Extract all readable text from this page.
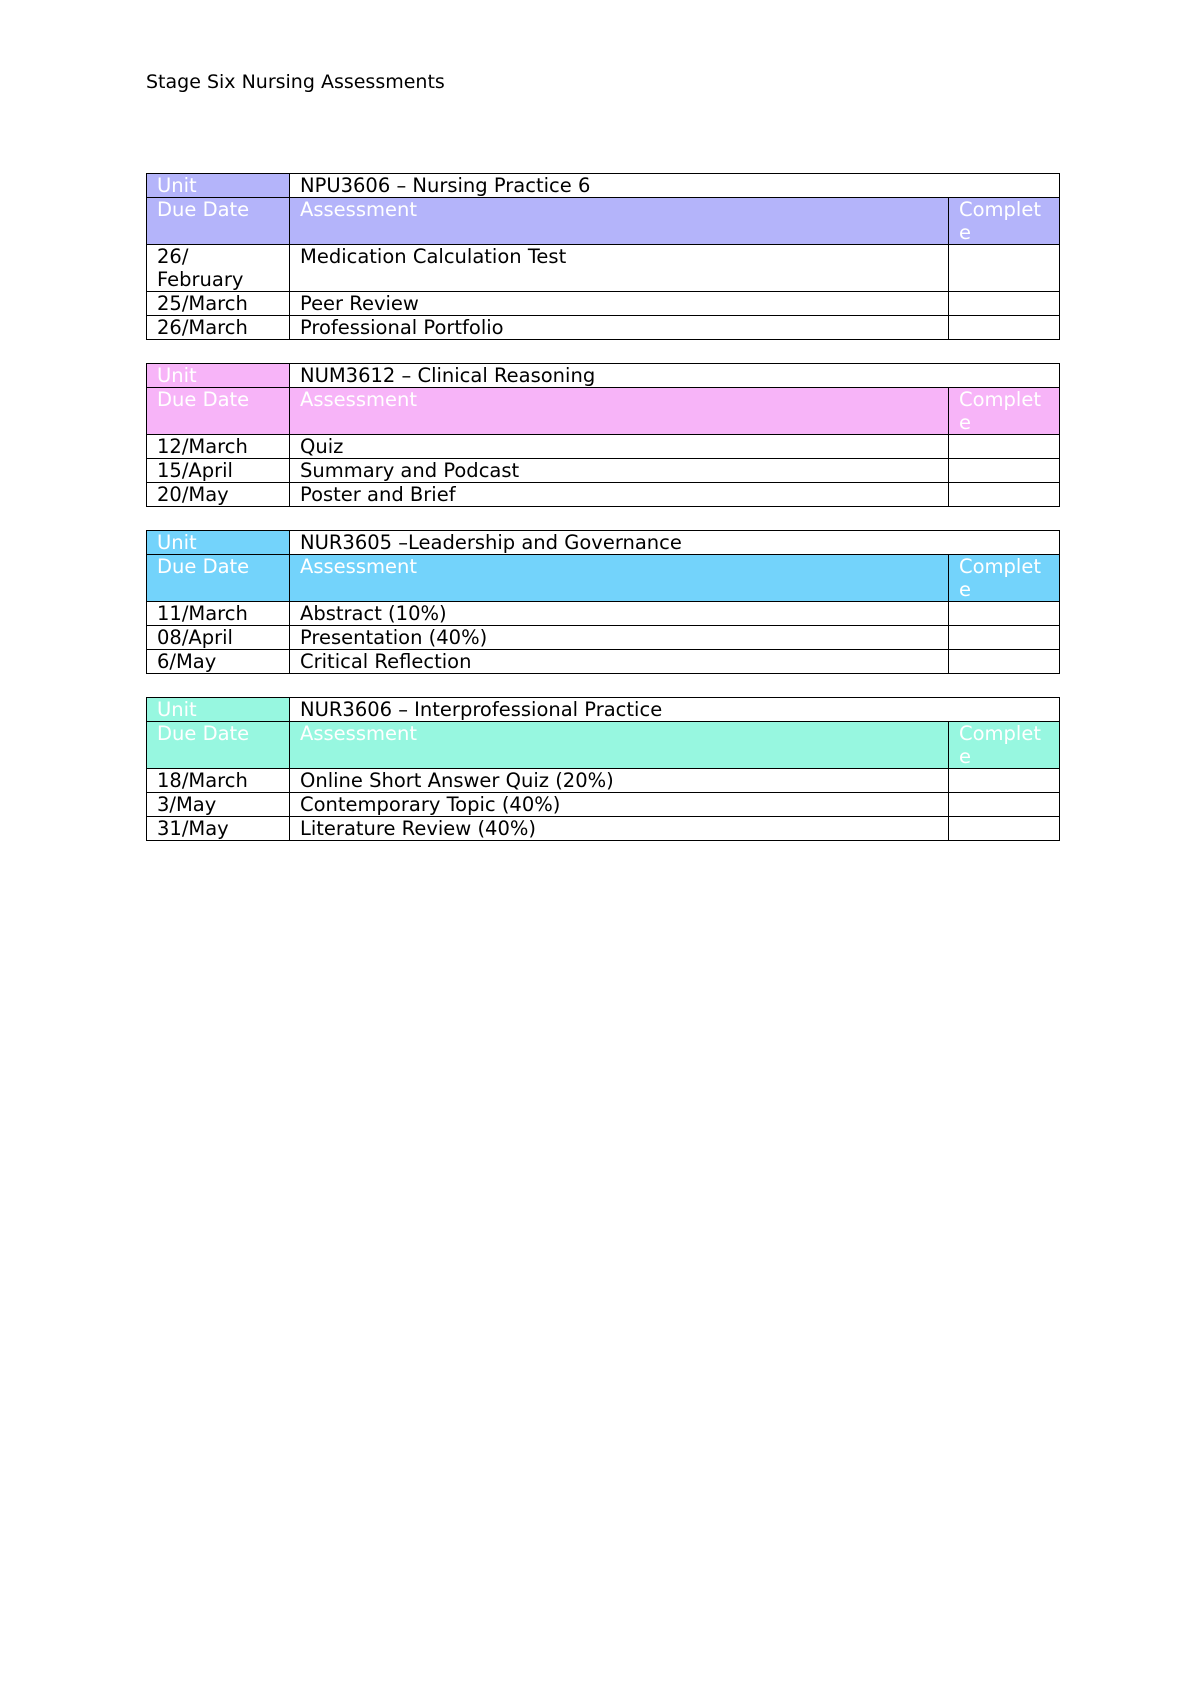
Stage Six Nursing Assessments
Unit	NPU3606 – Nursing Practice 6	
Due Date	Assessment	Complete
26/ February	Medication Calculation Test	
25/March	Peer Review	
26/March	Professional Portfolio	
Unit	NUM3612 – Clinical Reasoning	
Due Date	Assessment	Complete
12/March	Quiz	
15/April	Summary and Podcast	
20/May	Poster and Brief	
Unit	NUR3605 –Leadership and Governance	
Due Date	Assessment	Complete
11/March	Abstract (10%)	
08/April	Presentation (40%)	
6/May	Critical Reflection	
Unit	NUR3606 – Interprofessional Practice	
Due Date	Assessment	Complete
18/March	Online Short Answer Quiz (20%)	
3/May	Contemporary Topic (40%)	
31/May	Literature Review (40%)	
